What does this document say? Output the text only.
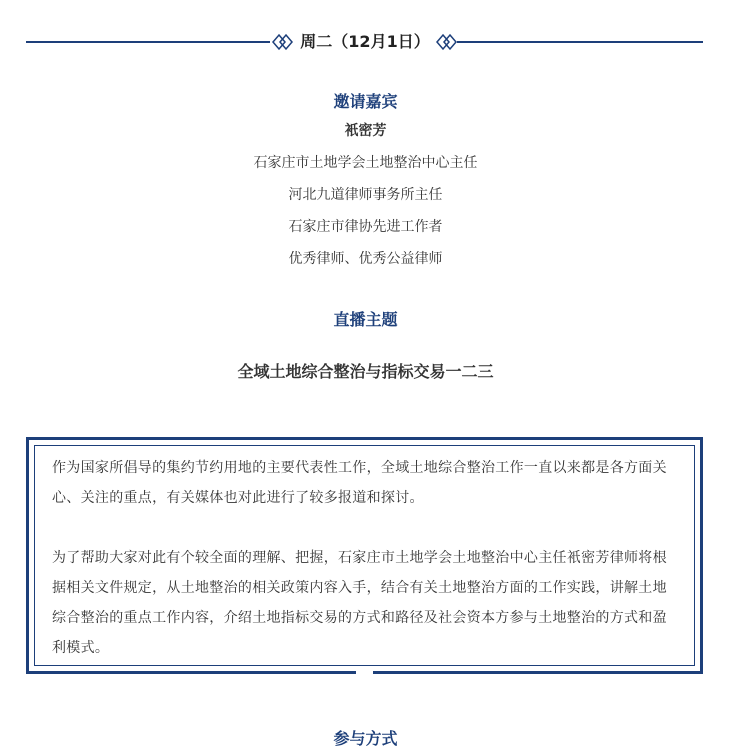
周二（12月1日）
邀请嘉宾
衹密芳
石家庄市土地学会土地整治中心主任
河北九道律师事务所主任
石家庄市律协先进工作者
优秀律师、优秀公益律师
直播主题
全域土地综合整治与指标交易一二三

作为国家所倡导的集约节约用地的主要代表性工作，全域土地综合整治工作一直以来都是各方面关心、关注的重点，有关媒体也对此进行了较多报道和探讨。

为了帮助大家对此有个较全面的理解、把握，石家庄市土地学会土地整治中心主任衹密芳律师将根据相关文件规定，从土地整治的相关政策内容入手，结合有关土地整治方面的工作实践，讲解土地综合整治的重点工作内容，介绍土地指标交易的方式和路径及社会资本方参与土地整治的方式和盈利模式。

参与方式
